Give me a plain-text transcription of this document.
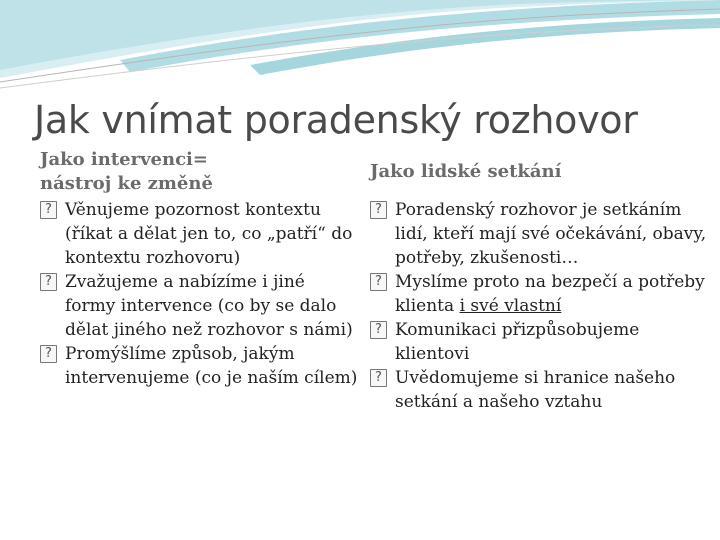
Jak vnímat poradenský rozhovor
Jako intervenci=
nástroj ke změně
? Věnujeme pozornost kontextu (říkat a dělat jen to, co „patří“ do kontextu rozhovoru)
? Zvažujeme a nabízíme i jiné formy intervence (co by se dalo dělat jiného než rozhovor s námi)
? Promýšlíme způsob, jakým intervenujeme (co je naším cílem)
Jako lidské setkání
? Poradenský rozhovor je setkáním lidí, kteří mají své očekávání, obavy, potřeby, zkušenosti…
? Myslíme proto na bezpečí a potřeby klienta i své vlastní
? Komunikaci přizpůsobujeme klientovi
? Uvědomujeme si hranice našeho setkání a našeho vztahu
